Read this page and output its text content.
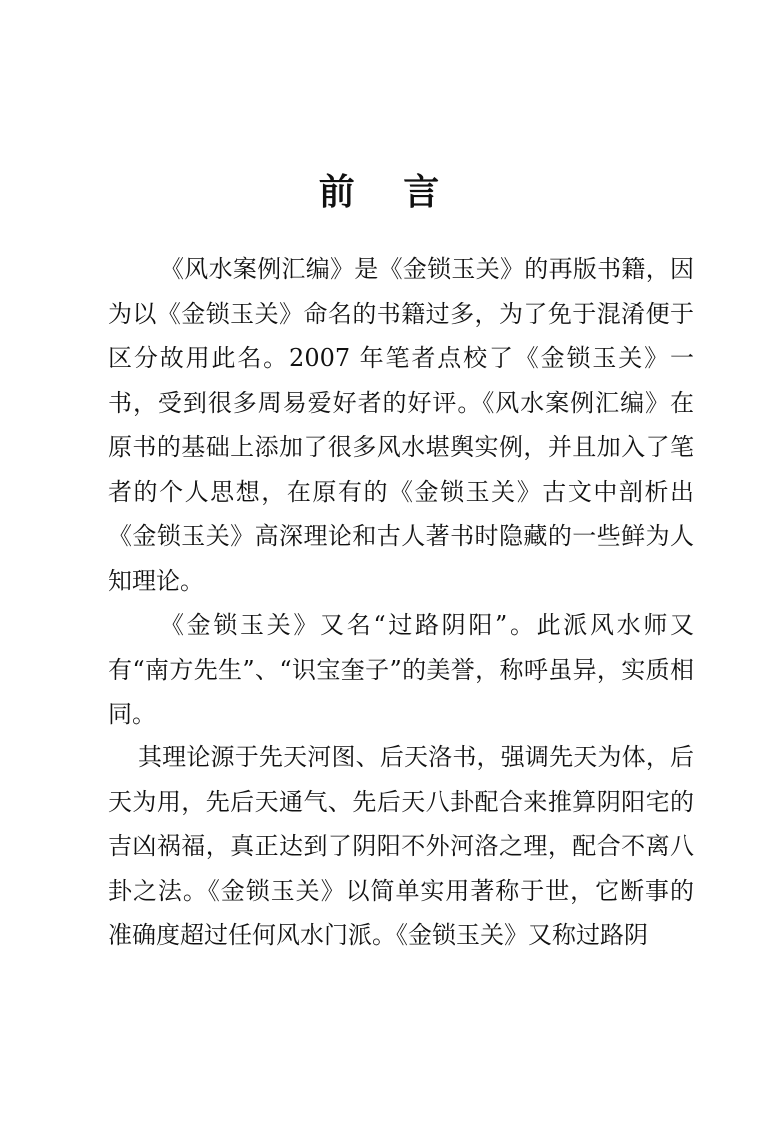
前 言

《风水案例汇编》是《金锁玉关》的再版书籍，因为以《金锁玉关》命名的书籍过多，为了免于混淆便于区分故用此名。2007 年笔者点校了《金锁玉关》一书，受到很多周易爱好者的好评。《风水案例汇编》在原书的基础上添加了很多风水堪舆实例，并且加入了笔者的个人思想，在原有的《金锁玉关》古文中剖析出《金锁玉关》高深理论和古人著书时隐藏的一些鲜为人知理论。

《金锁玉关》又名“过路阴阳”。此派风水师又有“南方先生”、“识宝奎子”的美誉，称呼虽异，实质相同。

其理论源于先天河图、后天洛书，强调先天为体，后天为用，先后天通气、先后天八卦配合来推算阴阳宅的吉凶祸福，真正达到了阴阳不外河洛之理，配合不离八卦之法。《金锁玉关》以简单实用著称于世，它断事的准确度超过任何风水门派。《金锁玉关》又称过路阴
